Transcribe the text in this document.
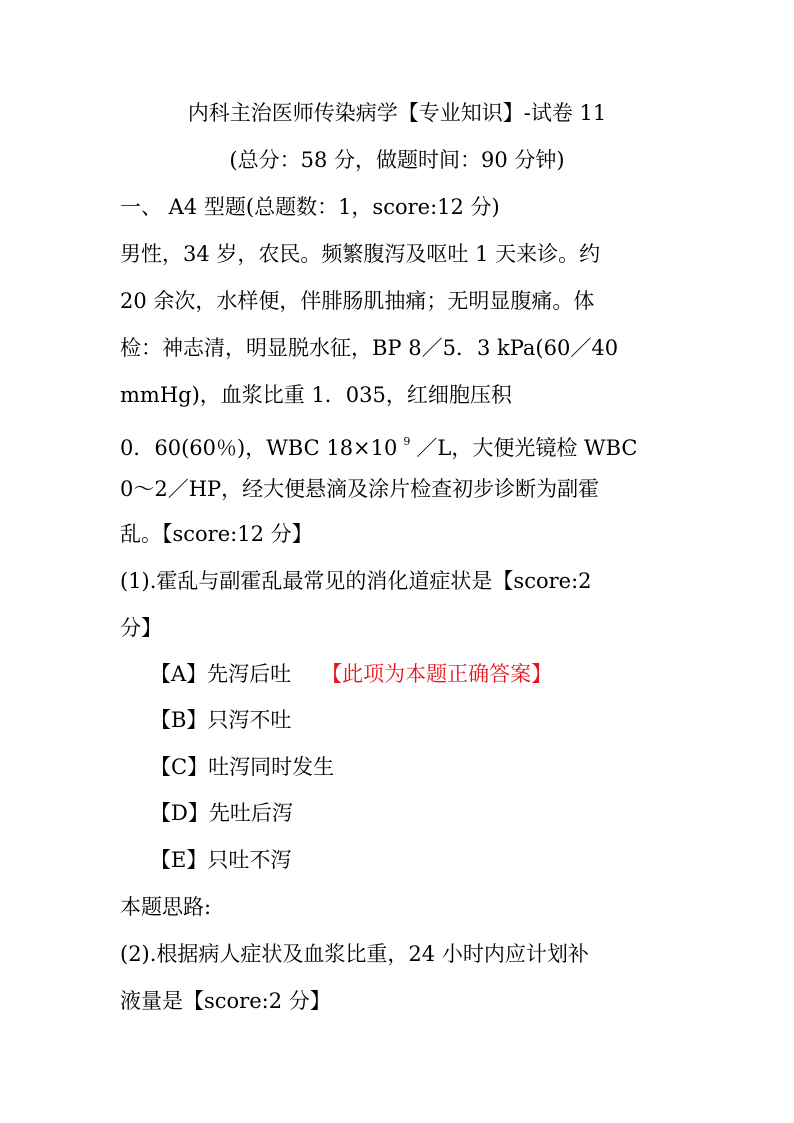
内科主治医师传染病学【专业知识】-试卷 11
(总分：58 分，做题时间：90 分钟)
一、 A4 型题(总题数：1，score:12 分)
男性，34 岁，农民。频繁腹泻及呕吐 1 天来诊。约
20 余次，水样便，伴腓肠肌抽痛；无明显腹痛。体
检：神志清，明显脱水征，BP 8／5．3 kPa(60／40
mmHg)，血浆比重 1．035，红细胞压积
0．60(60％)，WBC 18×10 $^9$ ／L，大便光镜检 WBC
0～2／HP，经大便悬滴及涂片检查初步诊断为副霍
乱。【score:12 分】
(1).霍乱与副霍乱最常见的消化道症状是【score:2
分】
【A】先泻后吐 【此项为本题正确答案】
【B】只泻不吐
【C】吐泻同时发生
【D】先吐后泻
【E】只吐不泻
本题思路:
(2).根据病人症状及血浆比重，24 小时内应计划补
液量是【score:2 分】
